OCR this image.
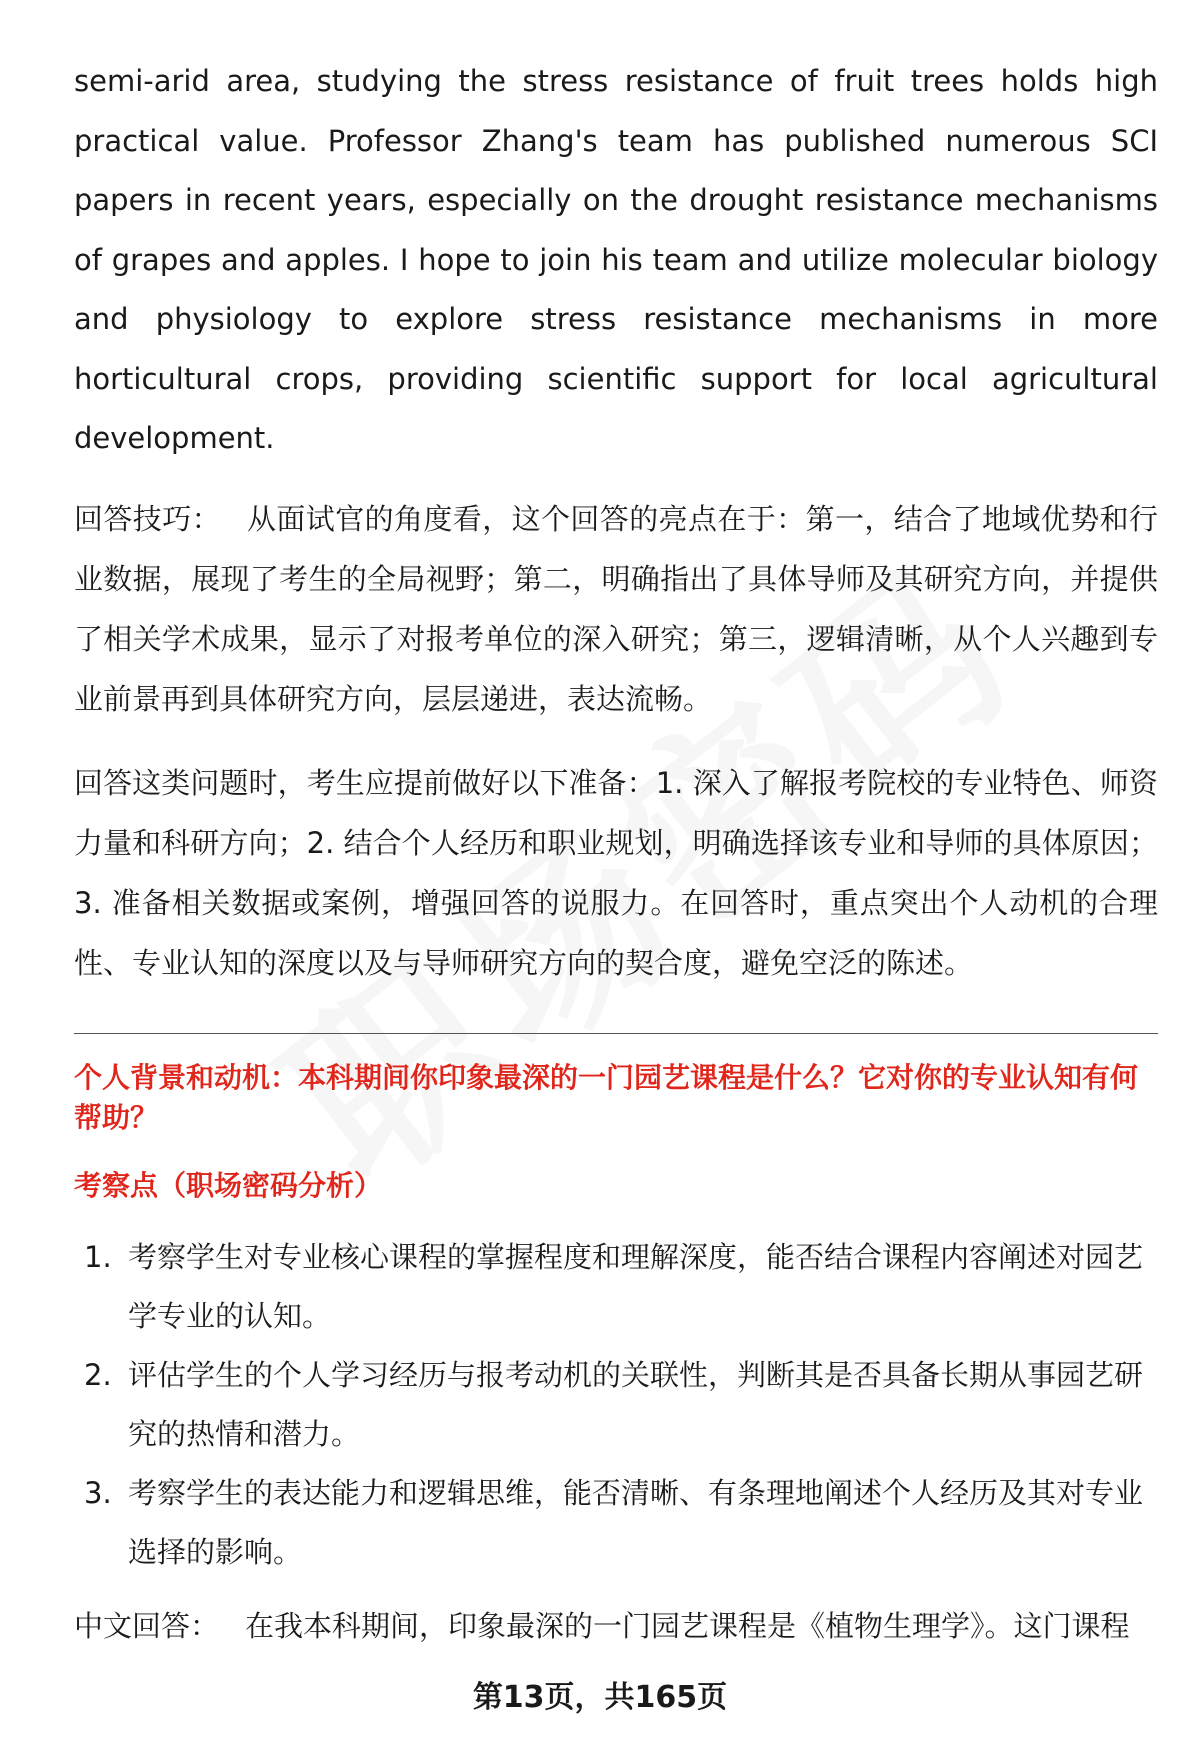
semi-arid area, studying the stress resistance of fruit trees holds high practical value. Professor Zhang's team has published numerous SCI papers in recent years, especially on the drought resistance mechanisms of grapes and apples. I hope to join his team and utilize molecular biology and physiology to explore stress resistance mechanisms in more horticultural crops, providing scientific support for local agricultural development.

回答技巧： 从面试官的角度看，这个回答的亮点在于：第一，结合了地域优势和行业数据，展现了考生的全局视野；第二，明确指出了具体导师及其研究方向，并提供了相关学术成果，显示了对报考单位的深入研究；第三，逻辑清晰，从个人兴趣到专业前景再到具体研究方向，层层递进，表达流畅。

回答这类问题时，考生应提前做好以下准备：1. 深入了解报考院校的专业特色、师资力量和科研方向；2. 结合个人经历和职业规划，明确选择该专业和导师的具体原因；3. 准备相关数据或案例，增强回答的说服力。在回答时，重点突出个人动机的合理性、专业认知的深度以及与导师研究方向的契合度，避免空泛的陈述。

个人背景和动机：本科期间你印象最深的一门园艺课程是什么？它对你的专业认知有何帮助？
考察点（职场密码分析）
1. 考察学生对专业核心课程的掌握程度和理解深度，能否结合课程内容阐述对园艺学专业的认知。
2. 评估学生的个人学习经历与报考动机的关联性，判断其是否具备长期从事园艺研究的热情和潜力。
3. 考察学生的表达能力和逻辑思维，能否清晰、有条理地阐述个人经历及其对专业选择的影响。

中文回答： 在我本科期间，印象最深的一门园艺课程是《植物生理学》。这门课程

第13页，共165页
